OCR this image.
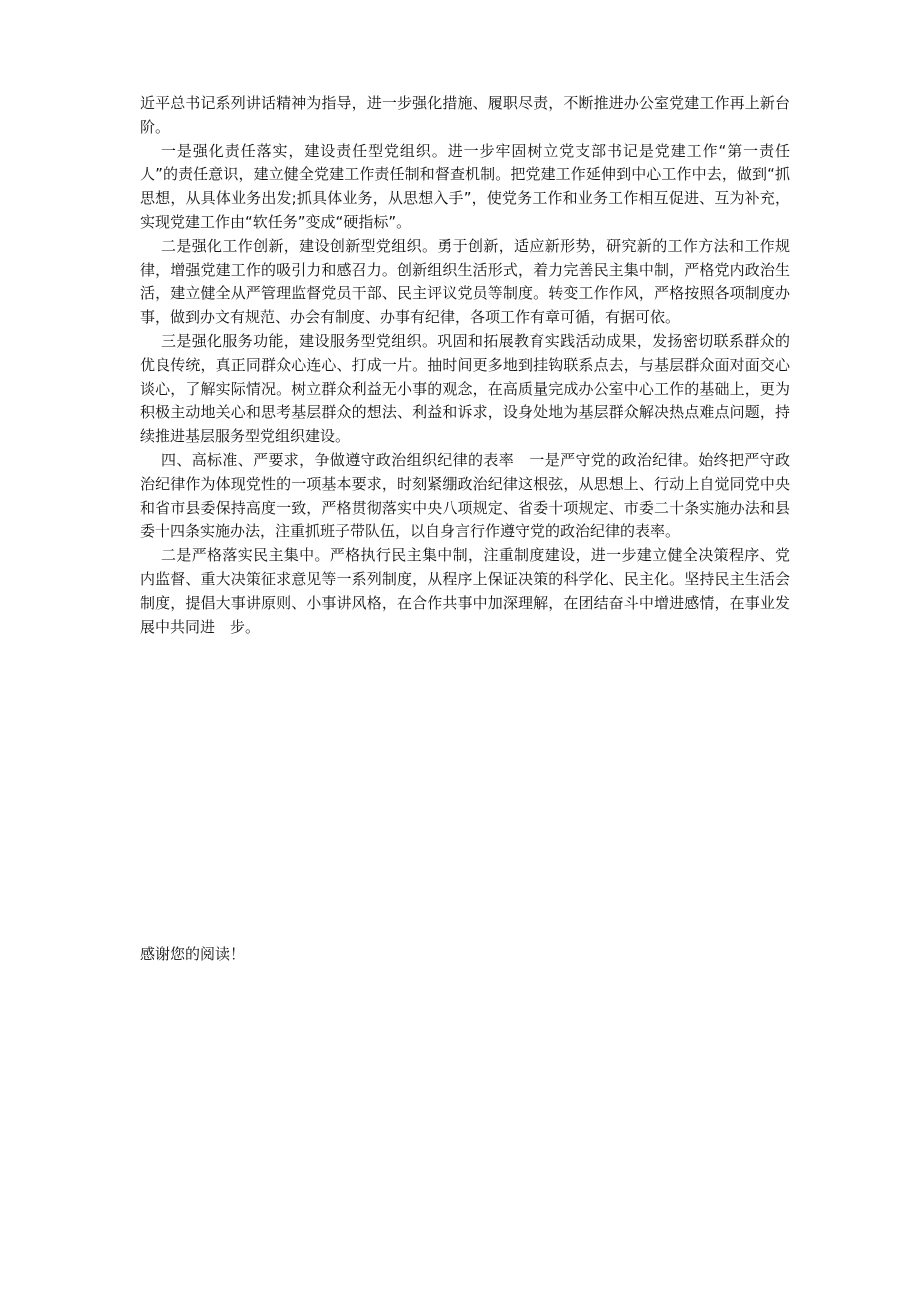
近平总书记系列讲话精神为指导，进一步强化措施、履职尽责，不断推进办公室党建工作再上新台阶。

一是强化责任落实，建设责任型党组织。进一步牢固树立党支部书记是党建工作“第一责任人”的责任意识，建立健全党建工作责任制和督查机制。把党建工作延伸到中心工作中去，做到“抓思想，从具体业务出发;抓具体业务，从思想入手”，使党务工作和业务工作相互促进、互为补充，实现党建工作由“软任务”变成“硬指标”。

二是强化工作创新，建设创新型党组织。勇于创新，适应新形势，研究新的工作方法和工作规律，增强党建工作的吸引力和感召力。创新组织生活形式，着力完善民主集中制，严格党内政治生活，建立健全从严管理监督党员干部、民主评议党员等制度。转变工作作风，严格按照各项制度办事，做到办文有规范、办会有制度、办事有纪律，各项工作有章可循，有据可依。

三是强化服务功能，建设服务型党组织。巩固和拓展教育实践活动成果，发扬密切联系群众的优良传统，真正同群众心连心、打成一片。抽时间更多地到挂钩联系点去，与基层群众面对面交心谈心，了解实际情况。树立群众利益无小事的观念，在高质量完成办公室中心工作的基础上，更为积极主动地关心和思考基层群众的想法、利益和诉求，设身处地为基层群众解决热点难点问题，持续推进基层服务型党组织建设。

四、高标准、严要求，争做遵守政治组织纪律的表率　一是严守党的政治纪律。始终把严守政治纪律作为体现党性的一项基本要求，时刻紧绷政治纪律这根弦，从思想上、行动上自觉同党中央和省市县委保持高度一致，严格贯彻落实中央八项规定、省委十项规定、市委二十条实施办法和县委十四条实施办法，注重抓班子带队伍，以自身言行作遵守党的政治纪律的表率。

二是严格落实民主集中。严格执行民主集中制，注重制度建设，进一步建立健全决策程序、党内监督、重大决策征求意见等一系列制度，从程序上保证决策的科学化、民主化。坚持民主生活会制度，提倡大事讲原则、小事讲风格，在合作共事中加深理解，在团结奋斗中增进感情，在事业发展中共同进　步。

感谢您的阅读！
